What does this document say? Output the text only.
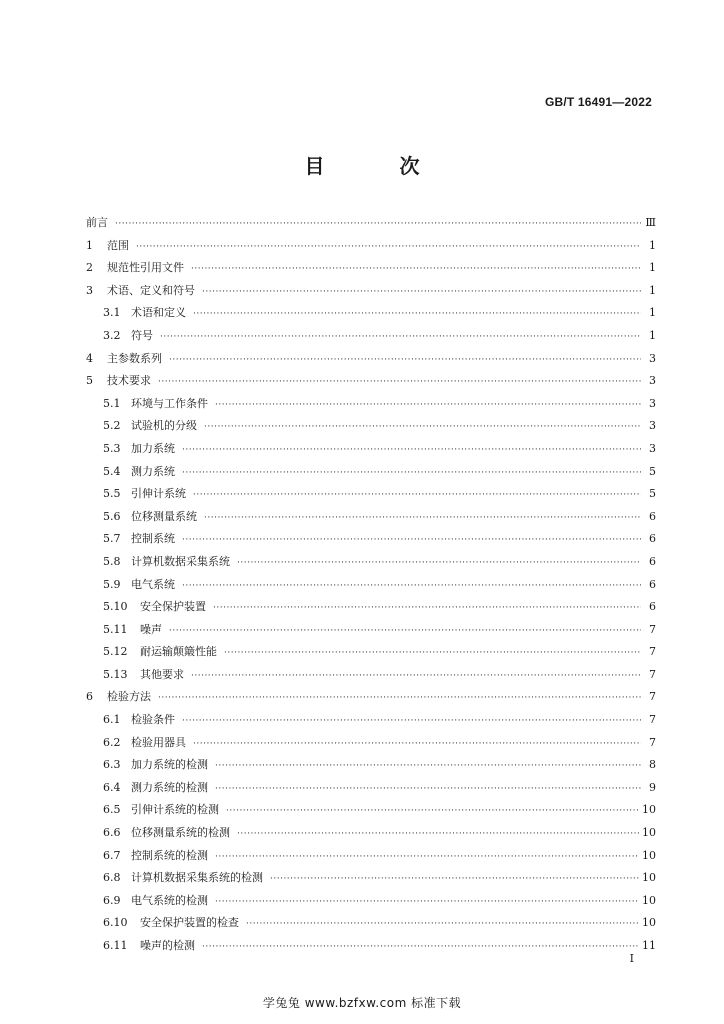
GB/T 16491—2022
目 次
前言 ·····	Ⅲ
1	范围 ·····	1
2	规范性引用文件 ·····	1
3	术语、定义和符号 ·····	1
3.1 术语和定义 ·····	1
3.2 符号 ·····	1
4	主参数系列 ·····	3
5	技术要求 ·····	3
5.1 环境与工作条件 ·····	3
5.2 试验机的分级 ·····	3
5.3 加力系统 ·····	3
5.4 测力系统 ·····	5
5.5 引伸计系统 ·····	5
5.6 位移测量系统 ·····	6
5.7 控制系统 ·····	6
5.8 计算机数据采集系统 ·····	6
5.9 电气系统 ·····	6
5.10	安全保护装置 ·····	6
5.11	噪声 ·····	7
5.12	耐运输颠簸性能 ·····	7
5.13	其他要求 ·····	7
6	检验方法 ·····	7
6.1 检验条件 ·····	7
6.2 检验用器具 ·····	7
6.3 加力系统的检测 ·····	8
6.4 测力系统的检测 ·····	9
6.5 引伸计系统的检测 ·····	10
6.6 位移测量系统的检测 ·····	10
6.7 控制系统的检测 ·····	10
6.8 计算机数据采集系统的检测 ·····	10
6.9 电气系统的检测 ·····	10
6.10	安全保护装置的检查 ·····	10
6.11	噪声的检测 ·····	11
I
学兔兔 www.bzfxw.com 标准下载
